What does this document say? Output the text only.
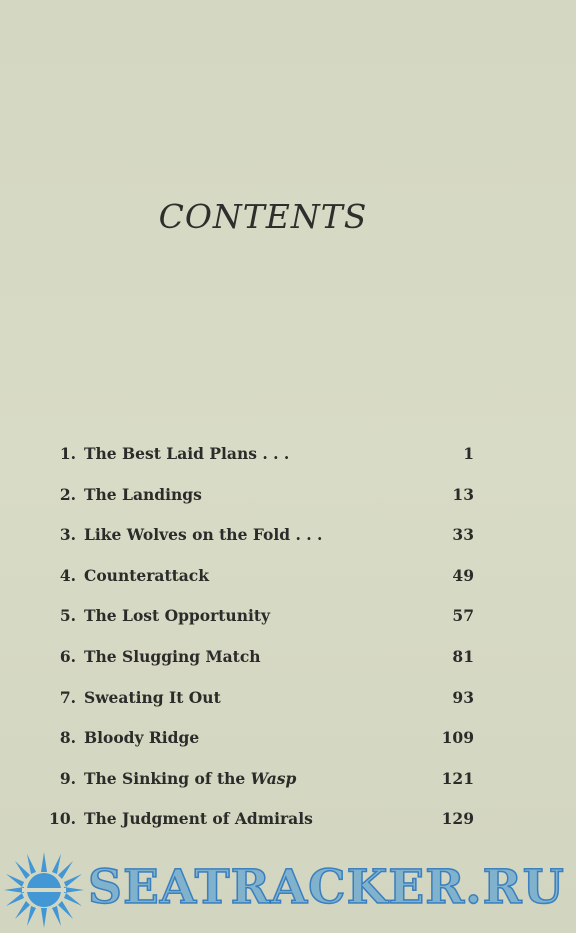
CONTENTS
1. The Best Laid Plans . . .	1
2. The Landings	13
3. Like Wolves on the Fold . . .	33
4. Counterattack	49
5. The Lost Opportunity	57
6. The Slugging Match	81
7. Sweating It Out	93
8. Bloody Ridge	109
9. The Sinking of the Wasp	121
10. The Judgment of Admirals	129
SEATRACKER.RU
